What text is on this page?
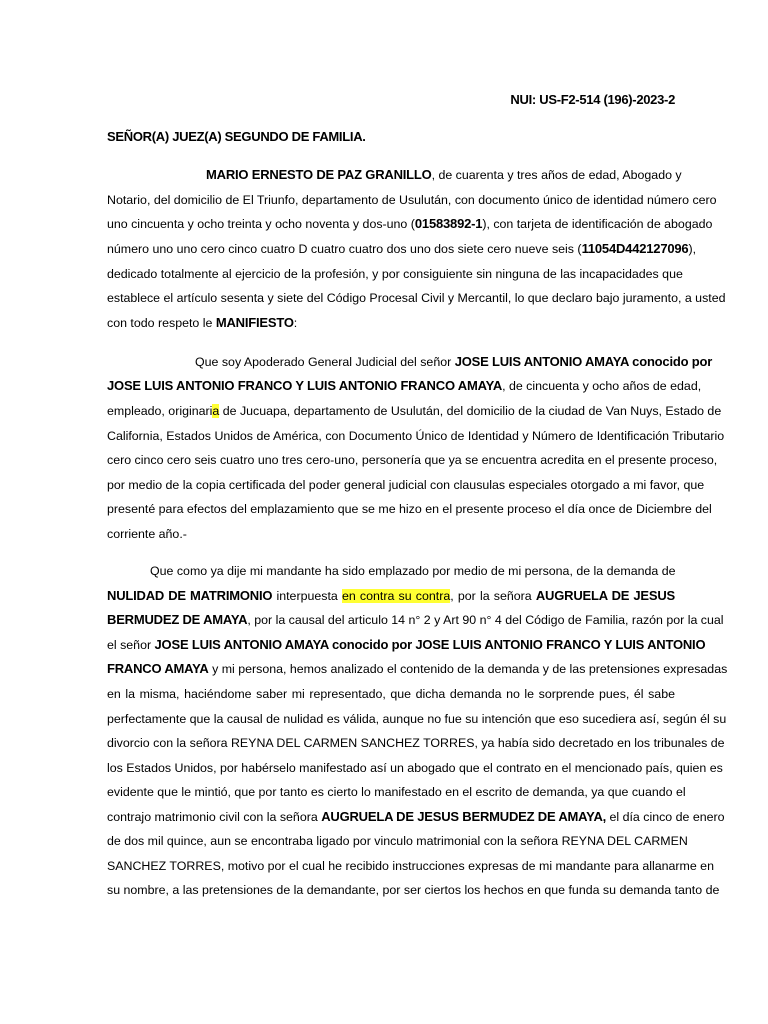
NUI: US-F2-514 (196)-2023-2
SEÑOR(A) JUEZ(A) SEGUNDO DE FAMILIA.
MARIO ERNESTO DE PAZ GRANILLO, de cuarenta y tres años de edad, Abogado y
Notario, del domicilio de El Triunfo, departamento de Usulután, con documento único de identidad número cero
uno cincuenta y ocho treinta y ocho noventa y dos-uno (01583892-1), con tarjeta de identificación de abogado
número uno uno cero cinco cuatro D cuatro cuatro dos uno dos siete cero nueve seis (11054D442127096),
dedicado totalmente al ejercicio de la profesión, y por consiguiente sin ninguna de las incapacidades que
establece el artículo sesenta y siete del Código Procesal Civil y Mercantil, lo que declaro bajo juramento, a usted
con todo respeto le MANIFIESTO:
Que soy Apoderado General Judicial del señor JOSE LUIS ANTONIO AMAYA conocido por
JOSE LUIS ANTONIO FRANCO Y LUIS ANTONIO FRANCO AMAYA, de cincuenta y ocho años de edad,
empleado, originaria de Jucuapa, departamento de Usulután, del domicilio de la ciudad de Van Nuys, Estado de
California, Estados Unidos de América, con Documento Único de Identidad y Número de Identificación Tributario
cero cinco cero seis cuatro uno tres cero-uno, personería que ya se encuentra acredita en el presente proceso,
por medio de la copia certificada del poder general judicial con clausulas especiales otorgado a mi favor, que
presenté para efectos del emplazamiento que se me hizo en el presente proceso el día once de Diciembre del
corriente año.-
Que como ya dije mi mandante ha sido emplazado por medio de mi persona, de la demanda de
NULIDAD DE MATRIMONIO interpuesta en contra su contra, por la señora AUGRUELA DE JESUS
BERMUDEZ DE AMAYA, por la causal del articulo 14 n° 2 y Art 90 n° 4 del Código de Familia, razón por la cual
el señor JOSE LUIS ANTONIO AMAYA conocido por JOSE LUIS ANTONIO FRANCO Y LUIS ANTONIO
FRANCO AMAYA y mi persona, hemos analizado el contenido de la demanda y de las pretensiones expresadas
en la misma, haciéndome saber mi representado, que dicha demanda no le sorprende pues, él sabe
perfectamente que la causal de nulidad es válida, aunque no fue su intención que eso sucediera así, según él su
divorcio con la señora REYNA DEL CARMEN SANCHEZ TORRES, ya había sido decretado en los tribunales de
los Estados Unidos, por habérselo manifestado así un abogado que el contrato en el mencionado país, quien es
evidente que le mintió, que por tanto es cierto lo manifestado en el escrito de demanda, ya que cuando el
contrajo matrimonio civil con la señora AUGRUELA DE JESUS BERMUDEZ DE AMAYA, el día cinco de enero
de dos mil quince, aun se encontraba ligado por vinculo matrimonial con la señora REYNA DEL CARMEN
SANCHEZ TORRES, motivo por el cual he recibido instrucciones expresas de mi mandante para allanarme en
su nombre, a las pretensiones de la demandante, por ser ciertos los hechos en que funda su demanda tanto de
